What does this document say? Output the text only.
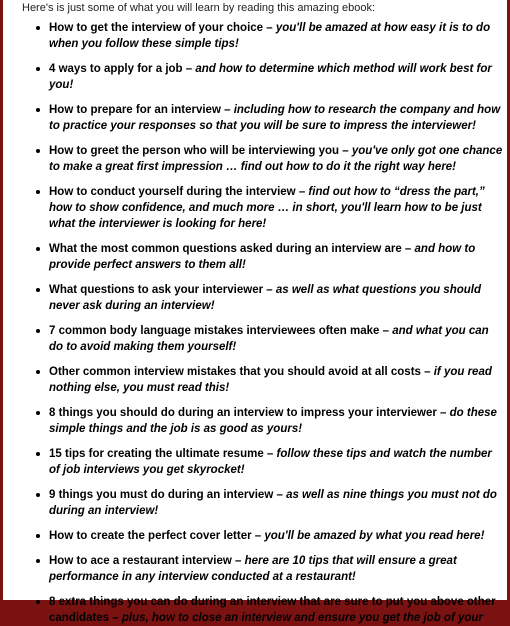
Here's is just some of what you will learn by reading this amazing ebook:
How to get the interview of your choice – you'll be amazed at how easy it is to do when you follow these simple tips!
4 ways to apply for a job – and how to determine which method will work best for you!
How to prepare for an interview – including how to research the company and how to practice your responses so that you will be sure to impress the interviewer!
How to greet the person who will be interviewing you – you've only got one chance to make a great first impression … find out how to do it the right way here!
How to conduct yourself during the interview – find out how to “dress the part,” how to show confidence, and much more … in short, you'll learn how to be just what the interviewer is looking for here!
What the most common questions asked during an interview are – and how to provide perfect answers to them all!
What questions to ask your interviewer – as well as what questions you should never ask during an interview!
7 common body language mistakes interviewees often make – and what you can do to avoid making them yourself!
Other common interview mistakes that you should avoid at all costs – if you read nothing else, you must read this!
8 things you should do during an interview to impress your interviewer – do these simple things and the job is as good as yours!
15 tips for creating the ultimate resume – follow these tips and watch the number of job interviews you get skyrocket!
9 things you must do during an interview – as well as nine things you must not do during an interview!
How to create the perfect cover letter – you'll be amazed by what you read here!
How to ace a restaurant interview – here are 10 tips that will ensure a great performance in any interview conducted at a restaurant!
8 extra things you can do during an interview that are sure to put you above other candidates – plus, how to close an interview and ensure you get the job of your
